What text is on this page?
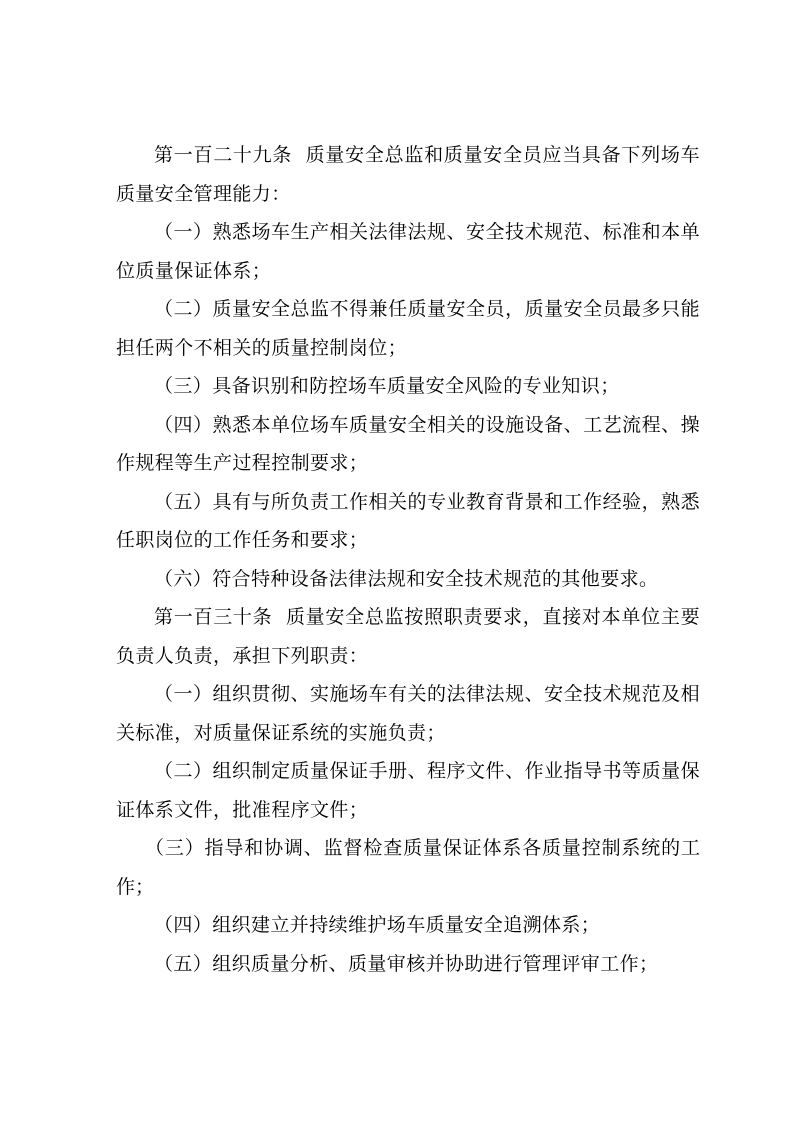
第一百二十九条  质量安全总监和质量安全员应当具备下列场车质量安全管理能力：

（一）熟悉场车生产相关法律法规、安全技术规范、标准和本单位质量保证体系；

（二）质量安全总监不得兼任质量安全员，质量安全员最多只能担任两个不相关的质量控制岗位；

（三）具备识别和防控场车质量安全风险的专业知识；

（四）熟悉本单位场车质量安全相关的设施设备、工艺流程、操作规程等生产过程控制要求；

（五）具有与所负责工作相关的专业教育背景和工作经验，熟悉任职岗位的工作任务和要求；

（六）符合特种设备法律法规和安全技术规范的其他要求。

第一百三十条  质量安全总监按照职责要求，直接对本单位主要负责人负责，承担下列职责：

（一）组织贯彻、实施场车有关的法律法规、安全技术规范及相关标准，对质量保证系统的实施负责；

（二）组织制定质量保证手册、程序文件、作业指导书等质量保证体系文件，批准程序文件；

（三）指导和协调、监督检查质量保证体系各质量控制系统的工作；

（四）组织建立并持续维护场车质量安全追溯体系；

（五）组织质量分析、质量审核并协助进行管理评审工作；
